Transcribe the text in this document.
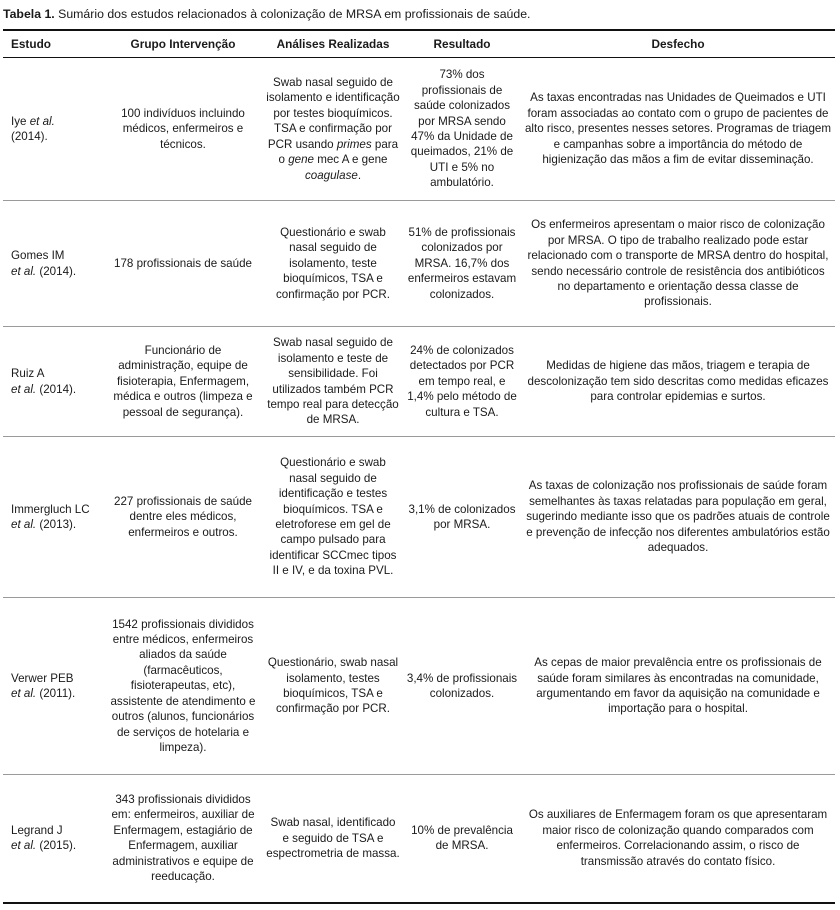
Tabela 1. Sumário dos estudos relacionados à colonização de MRSA em profissionais de saúde.
Estudo	Grupo Intervenção	Análises Realizadas	Resultado	Desfecho
Iye et al.
(2014).	100 indivíduos incluindo médicos, enfermeiros e técnicos.	Swab nasal seguido de isolamento e identificação por testes bioquímicos. TSA e confirmação por PCR usando primes para o gene mec A e gene coagulase.	73% dos profissionais de saúde colonizados por MRSA sendo 47% da Unidade de queimados, 21% de UTI e 5% no ambulatório.	As taxas encontradas nas Unidades de Queimados e UTI foram associadas ao contato com o grupo de pacientes de alto risco, presentes nesses setores. Programas de triagem e campanhas sobre a importância do método de higienização das mãos a fim de evitar disseminação.
Gomes IM
et al. (2014).	178 profissionais de saúde	Questionário e swab nasal seguido de isolamento, teste bioquímicos, TSA e confirmação por PCR.	51% de profissionais colonizados por MRSA. 16,7% dos enfermeiros estavam colonizados.	Os enfermeiros apresentam o maior risco de colonização por MRSA. O tipo de trabalho realizado pode estar relacionado com o transporte de MRSA dentro do hospital, sendo necessário controle de resistência dos antibióticos no departamento e orientação dessa classe de profissionais.
Ruiz A
et al. (2014).	Funcionário de administração, equipe de fisioterapia, Enfermagem, médica e outros (limpeza e pessoal de segurança).	Swab nasal seguido de isolamento e teste de sensibilidade. Foi utilizados também PCR tempo real para detecção de MRSA.	24% de colonizados detectados por PCR em tempo real, e 1,4% pelo método de cultura e TSA.	Medidas de higiene das mãos, triagem e terapia de descolonização tem sido descritas como medidas eficazes para controlar epidemias e surtos.
Immergluch LC
et al. (2013).	227 profissionais de saúde dentre eles médicos, enfermeiros e outros.	Questionário e swab nasal seguido de identificação e testes bioquímicos. TSA e eletroforese em gel de campo pulsado para identificar SCCmec tipos II e IV, e da toxina PVL.	3,1% de colonizados por MRSA.	As taxas de colonização nos profissionais de saúde foram semelhantes às taxas relatadas para população em geral, sugerindo mediante isso que os padrões atuais de controle e prevenção de infecção nos diferentes ambulatórios estão adequados.
Verwer PEB
et al. (2011).	1542 profissionais divididos entre médicos, enfermeiros aliados da saúde (farmacêuticos, fisioterapeutas, etc), assistente de atendimento e outros (alunos, funcionários de serviços de hotelaria e limpeza).	Questionário, swab nasal isolamento, testes bioquímicos, TSA e confirmação por PCR.	3,4% de profissionais colonizados.	As cepas de maior prevalência entre os profissionais de saúde foram similares às encontradas na comunidade, argumentando em favor da aquisição na comunidade e importação para o hospital.
Legrand J
et al. (2015).	343 profissionais divididos em: enfermeiros, auxiliar de Enfermagem, estagiário de Enfermagem, auxiliar administrativos e equipe de reeducação.	Swab nasal, identificado e seguido de TSA e espectrometria de massa.	10% de prevalência de MRSA.	Os auxiliares de Enfermagem foram os que apresentaram maior risco de colonização quando comparados com enfermeiros. Correlacionando assim, o risco de transmissão através do contato físico.
